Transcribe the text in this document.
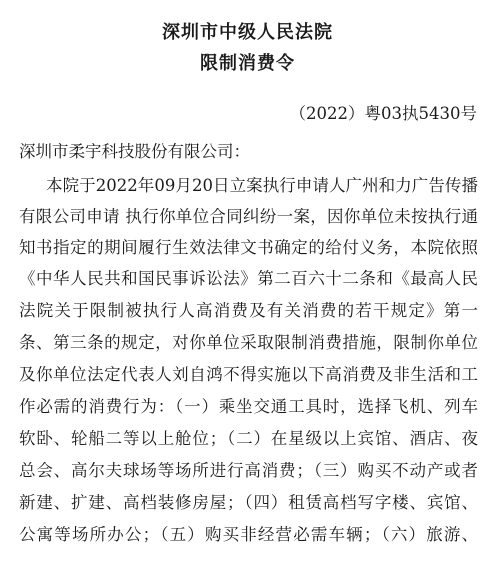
深圳市中级人民法院
限制消费令
（2022）粤03执5430号
深圳市柔宇科技股份有限公司：
本院于2022年09月20日立案执行申请人广州和力广告传播
有限公司申请 执行你单位合同纠纷一案，因你单位未按执行通
知书指定的期间履行生效法律文书确定的给付义务，本院依照
《中华人民共和国民事诉讼法》第二百六十二条和《最高人民
法院关于限制被执行人高消费及有关消费的若干规定》第一
条、第三条的规定，对你单位采取限制消费措施，限制你单位
及你单位法定代表人刘自鸿不得实施以下高消费及非生活和工
作必需的消费行为：（一）乘坐交通工具时，选择飞机、列车
软卧、轮船二等以上舱位；（二）在星级以上宾馆、酒店、夜
总会、高尔夫球场等场所进行高消费；（三）购买不动产或者
新建、扩建、高档装修房屋；（四）租赁高档写字楼、宾馆、
公寓等场所办公；（五）购买非经营必需车辆；（六）旅游、
